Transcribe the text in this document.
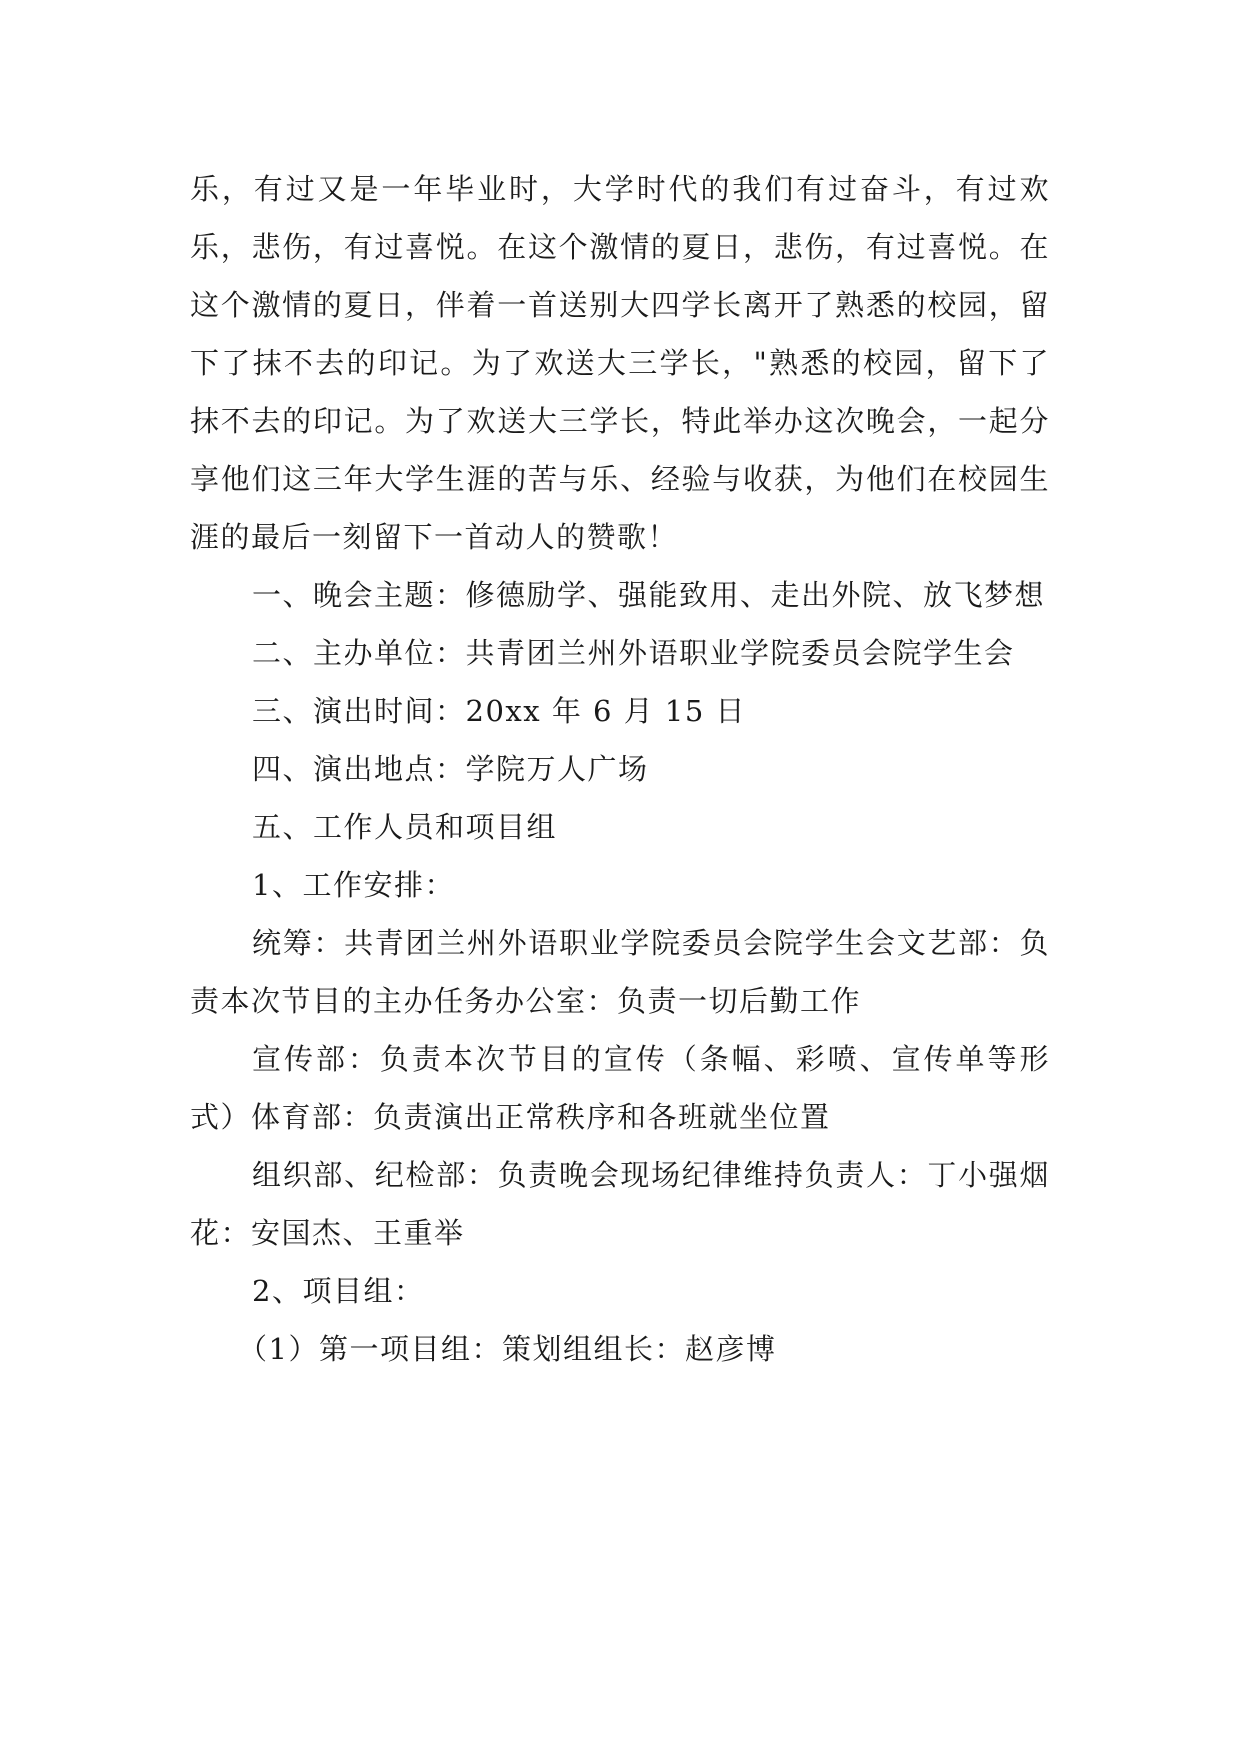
乐，有过又是一年毕业时，大学时代的我们有过奋斗，有过欢乐，悲伤，有过喜悦。在这个激情的夏日，悲伤，有过喜悦。在这个激情的夏日，伴着一首送别大四学长离开了熟悉的校园，留下了抹不去的印记。为了欢送大三学长，"熟悉的校园，留下了抹不去的印记。为了欢送大三学长，特此举办这次晚会，一起分享他们这三年大学生涯的苦与乐、经验与收获，为他们在校园生涯的最后一刻留下一首动人的赞歌！

一、晚会主题：修德励学、强能致用、走出外院、放飞梦想

二、主办单位：共青团兰州外语职业学院委员会院学生会

三、演出时间：20xx 年 6 月 15 日

四、演出地点：学院万人广场

五、工作人员和项目组

1、工作安排：

统筹：共青团兰州外语职业学院委员会院学生会文艺部：负责本次节目的主办任务办公室：负责一切后勤工作

宣传部：负责本次节目的宣传（条幅、彩喷、宣传单等形式）体育部：负责演出正常秩序和各班就坐位置

组织部、纪检部：负责晚会现场纪律维持负责人：丁小强烟花：安国杰、王重举

2、项目组：

（1）第一项目组：策划组组长：赵彦博
